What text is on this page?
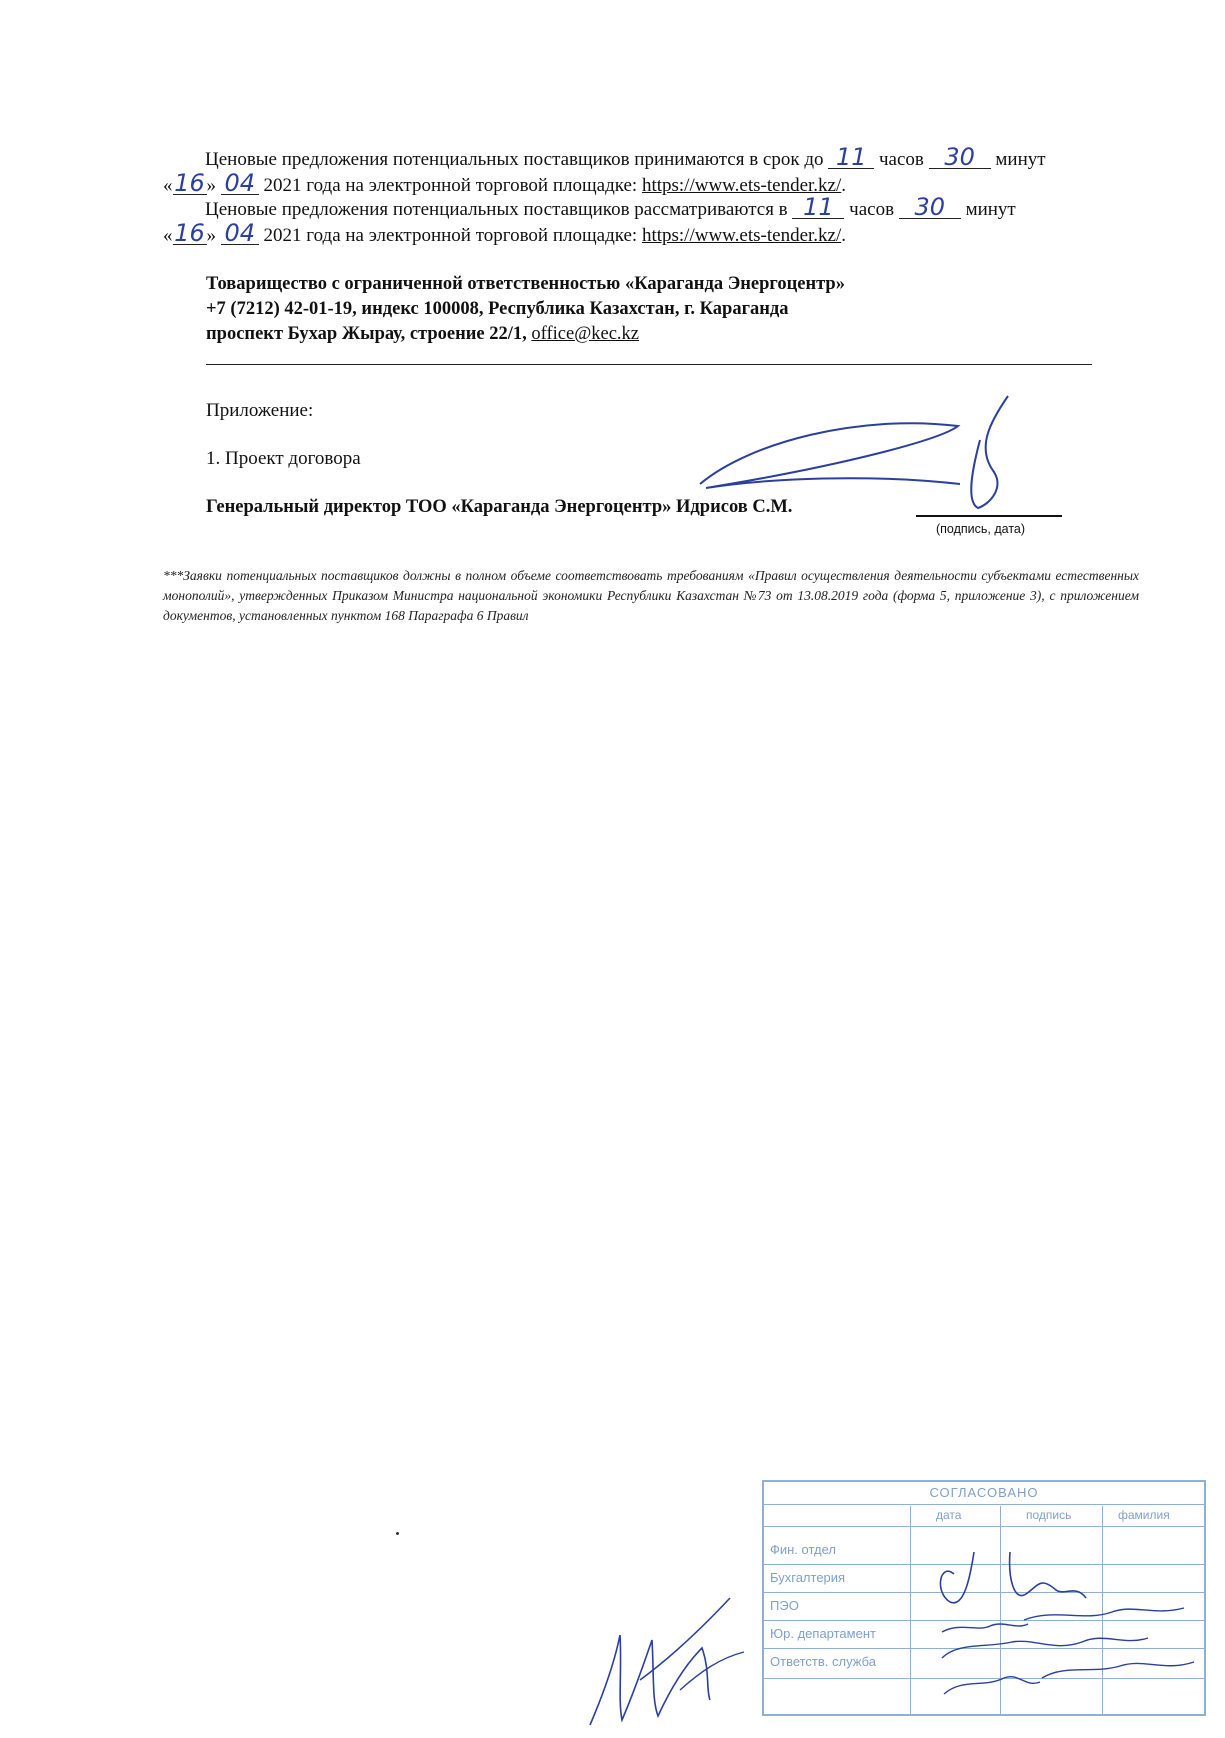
Ценовые предложения потенциальных поставщиков принимаются в срок до 11 часов 30 минут
«16» 04 2021 года на электронной торговой площадке: https://www.ets-tender.kz/.
Ценовые предложения потенциальных поставщиков рассматриваются в 11 часов 30 минут
«16» 04 2021 года на электронной торговой площадке: https://www.ets-tender.kz/.
Товарищество с ограниченной ответственностью «Караганда Энергоцентр»
+7 (7212) 42-01-19, индекс 100008, Республика Казахстан, г. Караганда
проспект Бухар Жырау, строение 22/1, office@kec.kz
Приложение:
1. Проект договора
Генеральный директор ТОО «Караганда Энергоцентр» Идрисов С.М.
(подпись, дата)
***Заявки потенциальных поставщиков должны в полном объеме соответствовать требованиям «Правил осуществления деятельности субъектами естественных монополий», утвержденных Приказом Министра национальной экономики Республики Казахстан №73 от 13.08.2019 года (форма 5, приложение 3), с приложением документов, установленных пунктом 168 Параграфа 6 Правил
СОГЛАСОВАНО
дата	подпись	фамилия
Фин. отдел
Бухгалтерия
ПЭО
Юр. департамент
Ответств. служба
